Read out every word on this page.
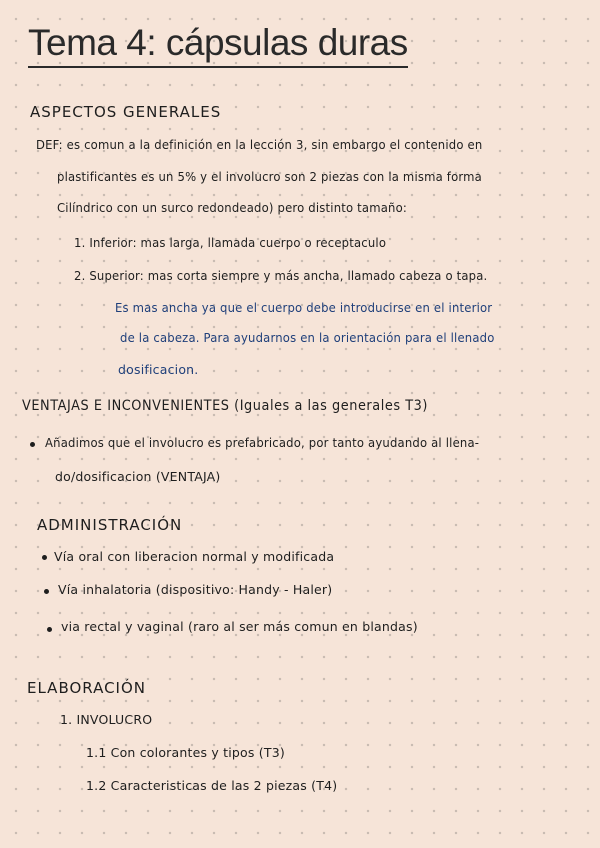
Tema 4: cápsulas duras
ASPECTOS GENERALES
DEF: es comun a la definición en la lección 3, sin embargo el contenido en
plastificantes es un 5% y el involucro son 2 piezas con la misma forma
Cilíndrico con un surco redondeado) pero distinto tamaño:
1. Inferior: mas larga, llamada cuerpo o receptaculo
2. Superior: mas corta siempre y más ancha, llamado cabeza o tapa.
Es mas ancha ya que el cuerpo debe introducirse en el interior
de la cabeza. Para ayudarnos en la orientación para el llenado
dosificacion.
VENTAJAS E INCONVENIENTES (Iguales a las generales T3)
Añadimos que el involucro es prefabricado, por tanto ayudando al llena-
do/dosificacion (VENTAJA)
ADMINISTRACIÓN
Vía oral con liberacion normal y modificada
Vía inhalatoria (dispositivo: Handy - Haler)
via rectal y vaginal (raro al ser más comun en blandas)
ELABORACIÓN
1. INVOLUCRO
1.1 Con colorantes y tipos (T3)
1.2 Caracteristicas de las 2 piezas (T4)
